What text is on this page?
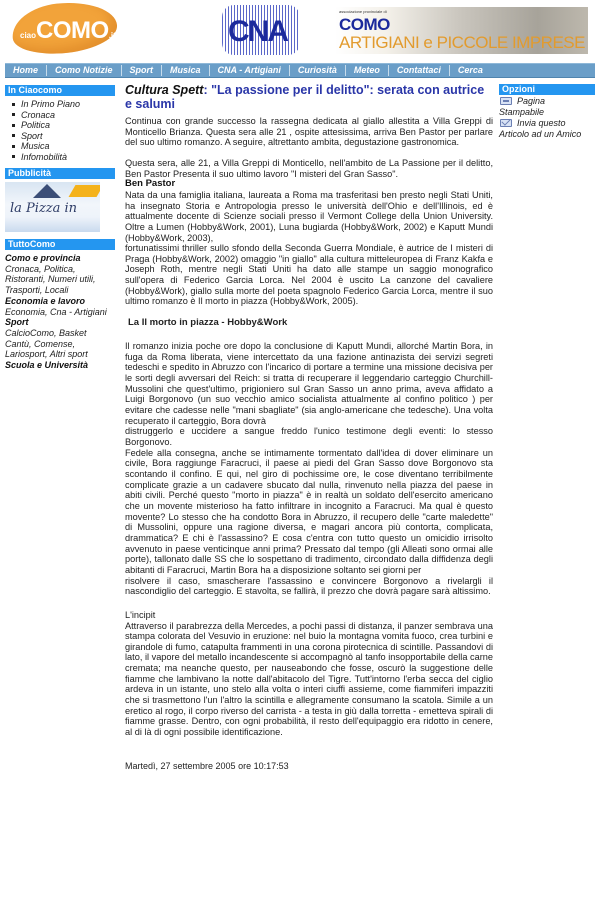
ciaoCOMO.it	CNA
associazione provinciale di
COMO
ARTIGIANI e PICCOLE IMPRESE
Home	Como Notizie	Sport	Musica	CNA - Artigiani	Curiosità	Meteo	Contattaci	Cerca
In Ciaocomo
In Primo Piano
Cronaca
Politica
Sport
Musica
Infomobilità
Pubblicità
la Pizza in
TuttoComo
Como e provincia
Cronaca, Politica,
Ristoranti, Numeri utili,
Trasporti, Locali
Economia e lavoro
Economia, Cna - Artigiani
Sport
CalcioComo, Basket
Cantù, Comense,
Lariosport, Altri sport
Scuola e Università
Cultura Spett: "La passione per il delitto": serata con autrice e salumi

Continua con grande successo la rassegna dedicata al giallo allestita a Villa Greppi di Monticello Brianza. Questa sera alle 21 , ospite attesissima, arriva Ben Pastor per parlare del suo ultimo romanzo. A seguire, altrettanto ambita, degustazione gastronomica.

Questa sera, alle 21, a Villa Greppi di Monticello, nell'ambito de La Passione per il delitto, Ben Pastor Presenta il suo ultimo lavoro "I misteri del Gran Sasso".

Ben Pastor

Nata da una famiglia italiana, laureata a Roma ma trasferitasi ben presto negli Stati Uniti, ha insegnato Storia e Antropologia presso le università dell'Ohio e dell'Illinois, ed è attualmente docente di Scienze sociali presso il Vermont College della Union University. Oltre a Lumen (Hobby&Work, 2001), Luna bugiarda (Hobby&Work, 2002) e Kaputt Mundi (Hobby&Work, 2003),

fortunatissimi thriller sullo sfondo della Seconda Guerra Mondiale, è autrice de I misteri di Praga (Hobby&Work, 2002) omaggio "in giallo" alla cultura mitteleuropea di Franz Kakfa e Joseph Roth, mentre negli Stati Uniti ha dato alle stampe un saggio monografico sull'opera di Federico Garcia Lorca. Nel 2004 è uscito La canzone del cavaliere (Hobby&Work), giallo sulla morte del poeta spagnolo Federico Garcia Lorca, mentre il suo ultimo romanzo è Il morto in piazza (Hobby&Work, 2005).

La Il morto in piazza - Hobby&Work

Il romanzo inizia poche ore dopo la conclusione di Kaputt Mundi, allorché Martin Bora, in fuga da Roma liberata, viene intercettato da una fazione antinazista dei servizi segreti tedeschi e spedito in Abruzzo con l'incarico di portare a termine una missione decisiva per le sorti degli avversari del Reich: si tratta di recuperare il leggendario carteggio Churchill-Mussolini che quest'ultimo, prigioniero sul Gran Sasso un anno prima, aveva affidato a Luigi Borgonovo (un suo vecchio amico socialista attualmente al confino politico ) per evitare che cadesse nelle "mani sbagliate" (sia anglo-americane che tedesche). Una volta recuperato il carteggio, Bora dovrà

distruggerlo e uccidere a sangue freddo l'unico testimone degli eventi: lo stesso Borgonovo.

Fedele alla consegna, anche se intimamente tormentato dall'idea di dover eliminare un civile, Bora raggiunge Faracruci, il paese ai piedi del Gran Sasso dove Borgonovo sta scontando il confino. E qui, nel giro di pochissime ore, le cose diventano terribilmente complicate grazie a un cadavere sbucato dal nulla, rinvenuto nella piazza del paese in abiti civili. Perché questo "morto in piazza" è in realtà un soldato dell'esercito americano che un movente misterioso ha fatto infiltrare in incognito a Faracruci. Ma qual è questo movente? Lo stesso che ha condotto Bora in Abruzzo, il recupero delle "carte maledette" di Mussolini, oppure una ragione diversa, e magari ancora più contorta, complicata, drammatica? E chi è l'assassino? E cosa c'entra con tutto questo un omicidio irrisolto avvenuto in paese venticinque anni prima? Pressato dal tempo (gli Alleati sono ormai alle porte), tallonato dalle SS che lo sospettano di tradimento, circondato dalla diffidenza degli abitanti di Faracruci, Martin Bora ha a disposizione soltanto sei giorni per

risolvere il caso, smascherare l'assassino e convincere Borgonovo a rivelargli il nascondiglio del carteggio. E stavolta, se fallirà, il prezzo che dovrà pagare sarà altissimo.

L'incipit

Attraverso il parabrezza della Mercedes, a pochi passi di distanza, il panzer sembrava una stampa colorata del Vesuvio in eruzione: nel buio la montagna vomita fuoco, crea turbini e girandole di fumo, catapulta frammenti in una corona pirotecnica di scintille. Passandovi di lato, il vapore del metallo incandescente si accompagnò al tanfo insopportabile della carne cremata; ma neanche questo, per nauseabondo che fosse, oscurò la suggestione delle fiamme che lambivano la notte dall'abitacolo del Tigre. Tutt'intorno l'erba secca del ciglio ardeva in un istante, uno stelo alla volta o interi ciuffi assieme, come fiammiferi impazziti che si trasmettono l'un l'altro la scintilla e allegramente consumano la scatola. Simile a un eretico al rogo, il corpo riverso del carrista - a testa in giù dalla torretta - emetteva spirali di fiamme grasse. Dentro, con ogni probabilità, il resto dell'equipaggio era ridotto in cenere, al di là di ogni possibile identificazione.

Martedì, 27 settembre 2005 ore 10:17:53

Opzioni
Pagina
Stampabile
Invia questo
Articolo ad un Amico
